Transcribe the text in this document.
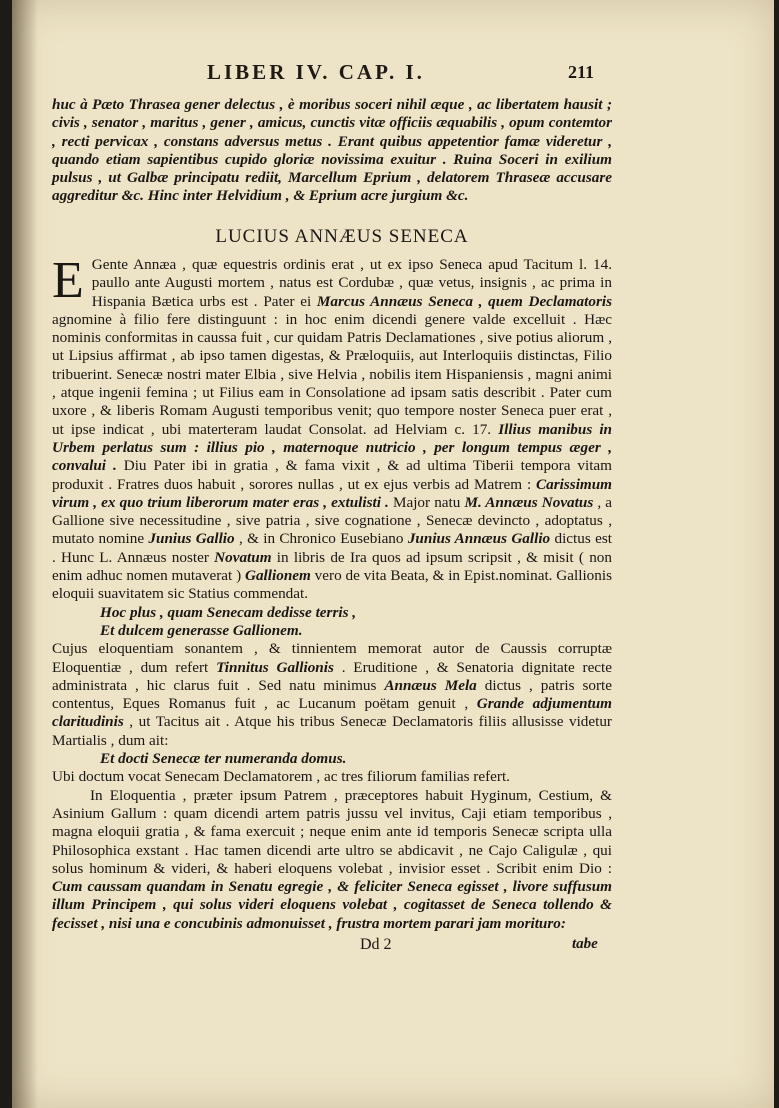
LIBER IV. CAP. I.	211

huc à Pæto Thrasea gener delectus , è moribus soceri nihil æque , ac libertatem hausit ; civis , senator , maritus , gener , amicus, cunctis vitæ officiis æquabilis , opum contemtor , recti pervicax , constans adversus metus . Erant quibus appetentior famæ videretur , quando etiam sapientibus cupido gloriæ novissima exuitur . Ruina Soceri in exilium pulsus , ut Galbæ principatu rediit, Marcellum Eprium , delatorem Thraseæ accusare aggreditur &c. Hinc inter Helvidium , & Eprium acre jurgium &c.

LUCIUS ANNÆUS SENECA

E Gente Annæa , quæ equestris ordinis erat , ut ex ipso Seneca apud Tacitum l. 14. paullo ante Augusti mortem , natus est Cordubæ , quæ vetus, insignis , ac prima in Hispania Bætica urbs est . Pater ei Marcus Annæus Seneca , quem Declamatoris agnomine à filio fere distinguunt : in hoc enim dicendi genere valde excelluit . Hæc nominis conformitas in caussa fuit , cur quidam Patris Declamationes , sive potius aliorum , ut Lipsius affirmat , ab ipso tamen digestas, & Præloquiis, aut Interloquiis distinctas, Filio tribuerint. Senecæ nostri mater Elbia , sive Helvia , nobilis item Hispaniensis , magni animi , atque ingenii femina ; ut Filius eam in Consolatione ad ipsam satis describit . Pater cum uxore , & liberis Romam Augusti temporibus venit; quo tempore noster Seneca puer erat , ut ipse indicat , ubi materteram laudat Consolat. ad Helviam c. 17. Illius manibus in Urbem perlatus sum : illius pio , maternoque nutricio , per longum tempus æger , convalui . Diu Pater ibi in gratia , & fama vixit , & ad ultima Tiberii tempora vitam produxit . Fratres duos habuit , sorores nullas , ut ex ejus verbis ad Matrem : Carissimum virum , ex quo trium liberorum mater eras , extulisti . Major natu M. Annæus Novatus , a Gallione sive necessitudine , sive patria , sive cognatione , Senecæ devincto , adoptatus , mutato nomine Junius Gallio , & in Chronico Eusebiano Junius Annæus Gallio dictus est . Hunc L. Annæus noster Novatum in libris de Ira quos ad ipsum scripsit , & misit ( non enim adhuc nomen mutaverat ) Gallionem vero de vita Beata, & in Epist.nominat. Gallionis eloquii suavitatem sic Statius commendat.

Hoc plus , quam Senecam dedisse terris ,

Et dulcem generasse Gallionem.

Cujus eloquentiam sonantem , & tinnientem memorat autor de Caussis corruptæ Eloquentiæ , dum refert Tinnitus Gallionis . Eruditione , & Senatoria dignitate recte administrata , hic clarus fuit . Sed natu minimus Annæus Mela dictus , patris sorte contentus, Eques Romanus fuit , ac Lucanum poëtam genuit , Grande adjumentum claritudinis , ut Tacitus ait . Atque his tribus Senecæ Declamatoris filiis allusisse videtur Martialis , dum ait:

Et docti Senecæ ter numeranda domus.

Ubi doctum vocat Senecam Declamatorem , ac tres filiorum familias refert.

In Eloquentia , præter ipsum Patrem , præceptores habuit Hyginum, Cestium, & Asinium Gallum : quam dicendi artem patris jussu vel invitus, Caji etiam temporibus , magna eloquii gratia , & fama exercuit ; neque enim ante id temporis Senecæ scripta ulla Philosophica exstant . Hac tamen dicendi arte ultro se abdicavit , ne Cajo Caligulæ , qui solus hominum & videri, & haberi eloquens volebat , invisior esset . Scribit enim Dio : Cum caussam quandam in Senatu egregie , & feliciter Seneca egisset , livore suffusum illum Principem , qui solus videri eloquens volebat , cogitasset de Seneca tollendo & fecisset , nisi una e concubinis admonuisset , frustra mortem parari jam morituro:

Dd 2	tabe
